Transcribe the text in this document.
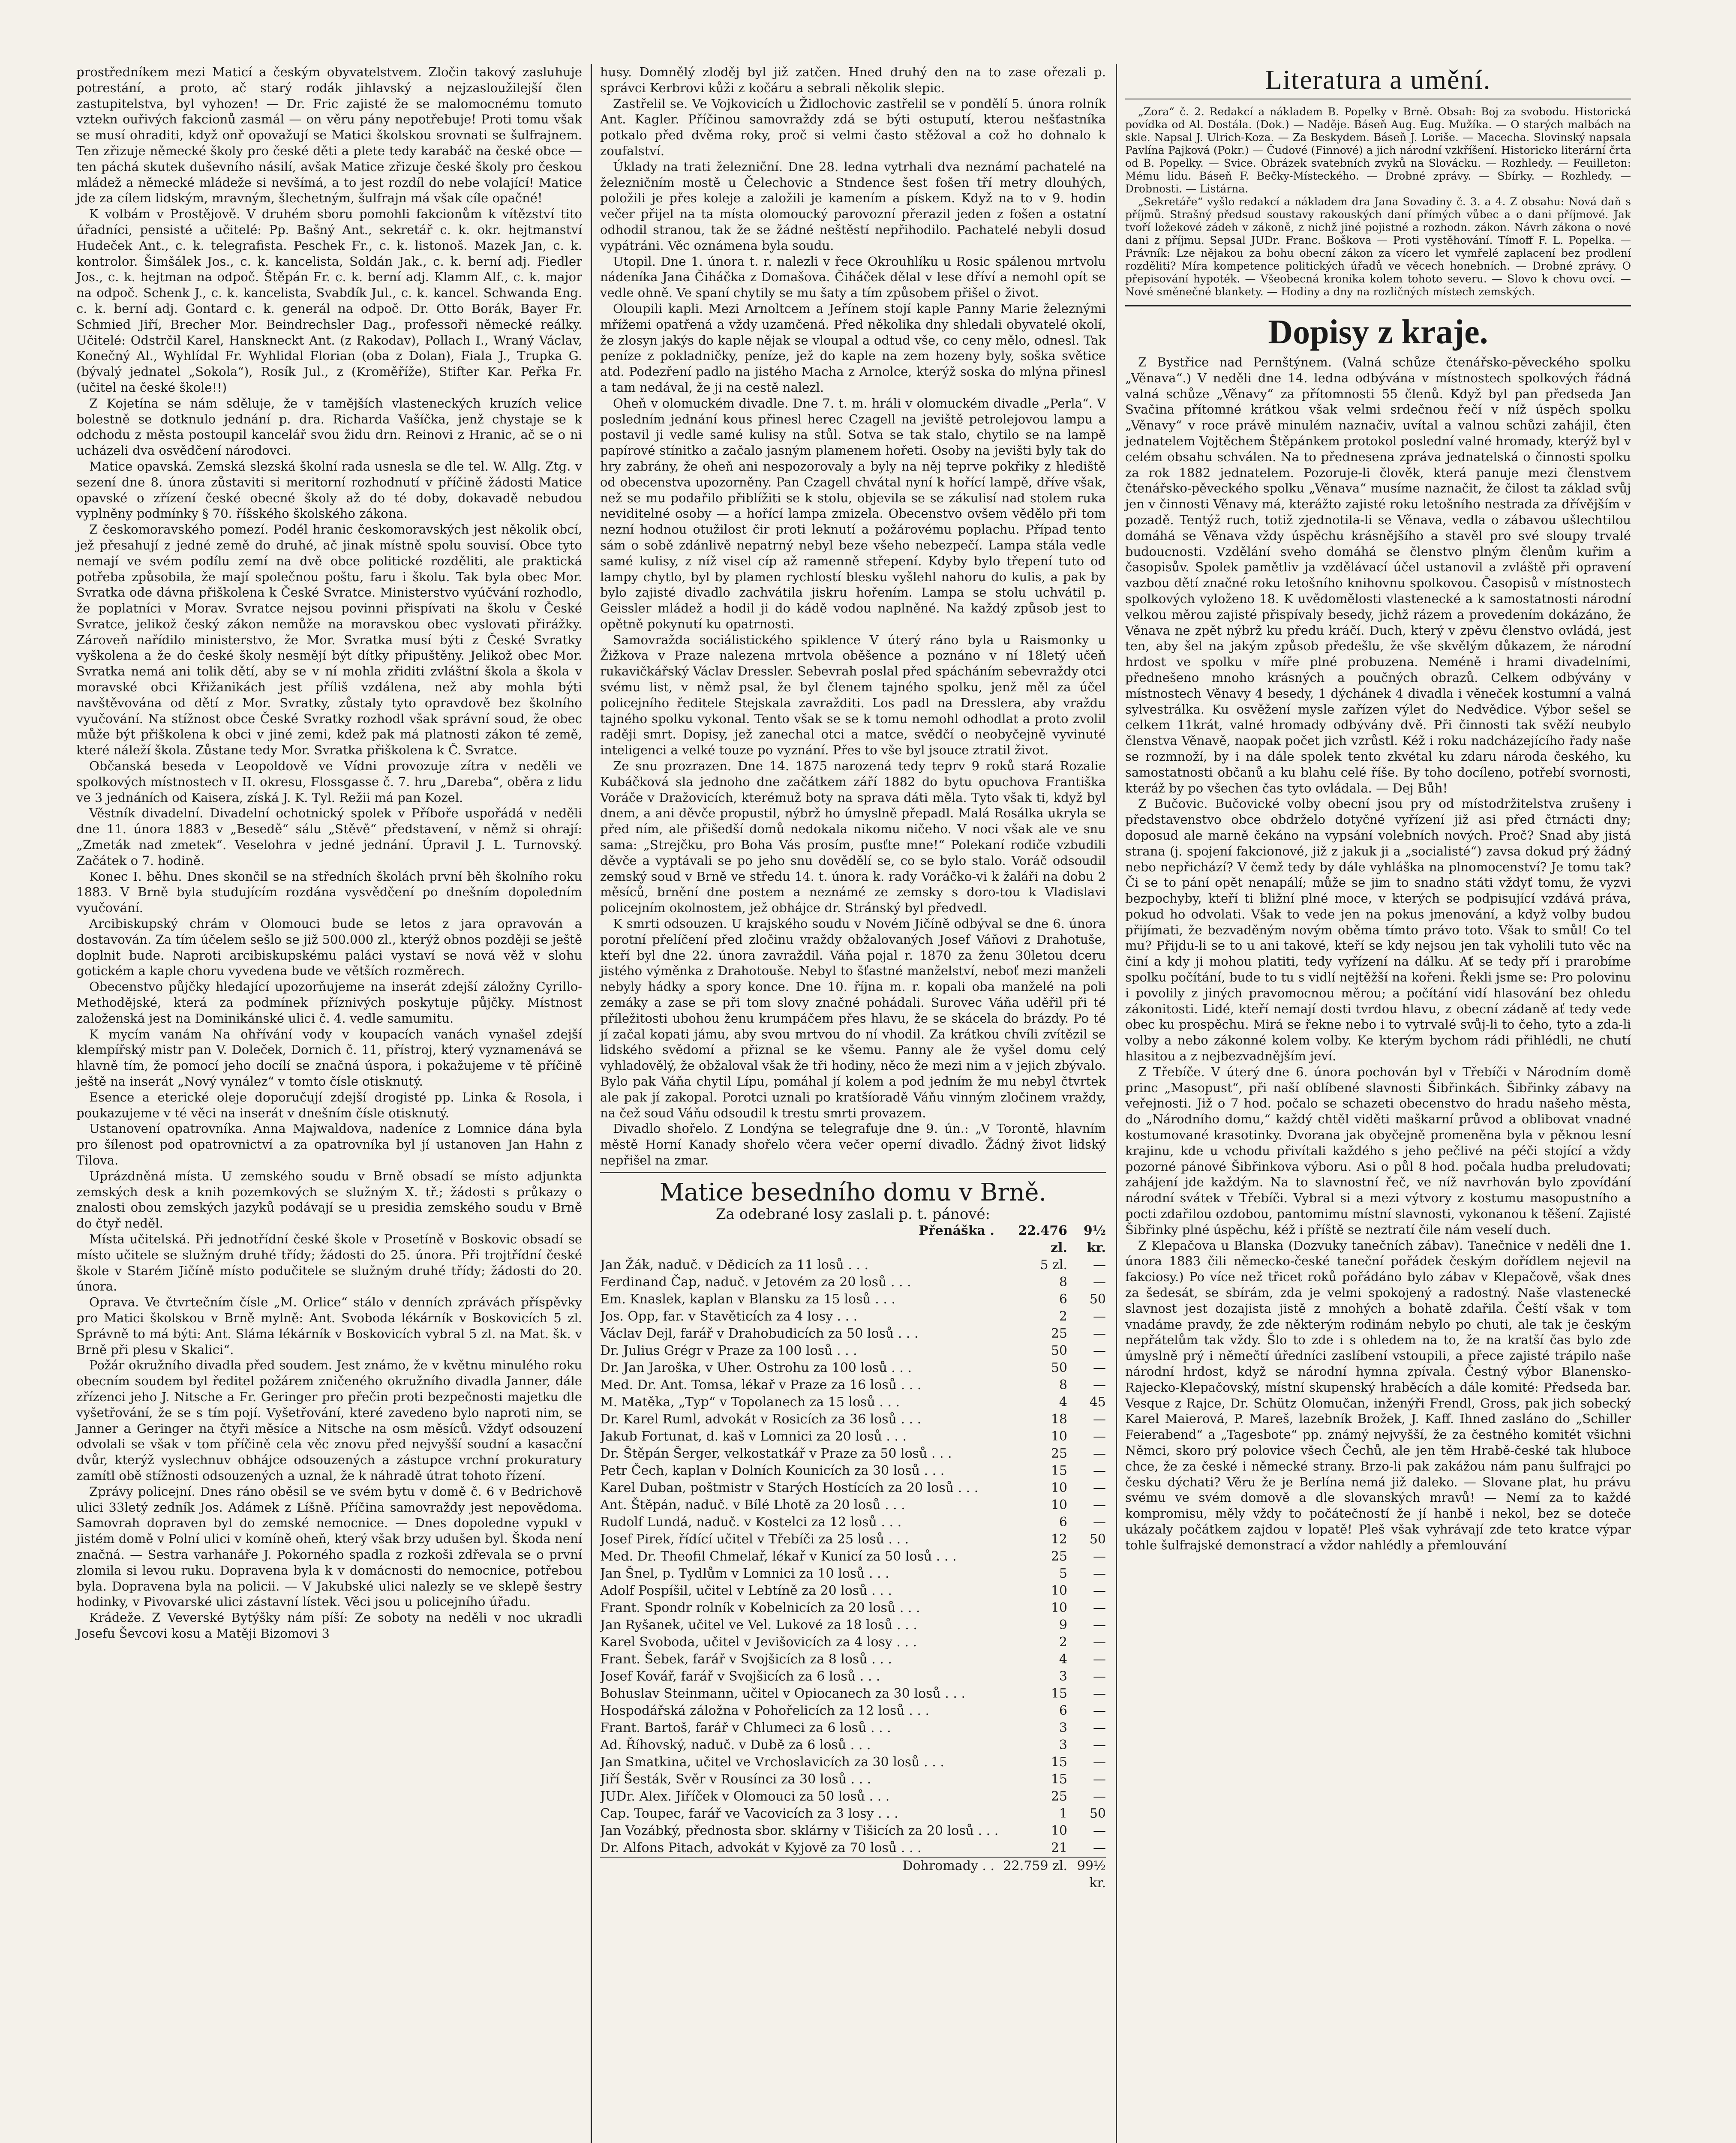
prostředníkem mezi Maticí a českým obyvatelstvem. Zločin takový zasluhuje potrestání, a proto, ač starý rodák jihlavský a nejzasloužilejší člen zastupitelstva, byl vyhozen! — Dr. Fric zajisté že se malomocnému tomuto vztekn ouřivých fakcionů zasmál — on věru pány nepotřebuje! Proti tomu však se musí ohraditi, když onř opovažují se Matici školskou srovnati se šulfrajnem. Ten zřizuje německé školy pro české děti a plete tedy karabáč na české obce — ten páchá skutek duševního násilí, avšak Matice zřizuje české školy pro českou mládež a německé mládeže si nevšímá, a to jest rozdíl do nebe volající! Matice jde za cílem lidským, mravným, šlechetným, šulfrajn má však cíle opačné!

K volbám v Prostějově. V druhém sboru pomohli fakcionům k vítězství tito úřadníci, pensisté a učitelé: Pp. Bašný Ant., sekretář c. k. okr. hejtmanství Hudeček Ant., c. k. telegrafista. Peschek Fr., c. k. listonoš. Mazek Jan, c. k. kontrolor. Šimšálek Jos., c. k. kancelista, Soldán Jak., c. k. berní adj. Fiedler Jos., c. k. hejtman na odpoč. Štěpán Fr. c. k. berní adj. Klamm Alf., c. k. major na odpoč. Schenk J., c. k. kancelista, Svabdík Jul., c. k. kancel. Schwanda Eng. c. k. berní adj. Gontard c. k. generál na odpoč. Dr. Otto Borák, Bayer Fr. Schmied Jiří, Brecher Mor. Beindrechsler Dag., professoři německé reálky. Učitelé: Odstrčil Karel, Hanskneckt Ant. (z Rakodav), Pollach I., Wraný Václav, Konečný Al., Wyhlídal Fr. Wyhlidal Florian (oba z Dolan), Fiala J., Trupka G. (bývalý jednatel „Sokola“), Rosík Jul., z (Kroměříže), Stifter Kar. Peřka Fr. (učitel na české škole!!)

Z Kojetína se nám sděluje, že v tamějších vlasteneckých kruzích velice bolestně se dotknulo jednání p. dra. Richarda Vašíčka, jenž chystaje se k odchodu z města postoupil kancelář svou židu drn. Reinovi z Hranic, ač se o ni ucházeli dva osvědčení národovci.

Matice opavská. Zemská slezská školní rada usnesla se dle tel. W. Allg. Ztg. v sezení dne 8. února zůstaviti si meritorní rozhodnutí v příčině žádosti Matice opavské o zřízení české obecné školy až do té doby, dokavadě nebudou vyplněny podmínky § 70. říšského školského zákona.

Z českomoravského pomezí. Podél hranic českomoravských jest několik obcí, jež přesahují z jedné země do druhé, ač jinak místně spolu souvisí. Obce tyto nemají ve svém podílu zemí na dvě obce politické rozděliti, ale praktická potřeba způsobila, že mají společnou poštu, faru i školu. Tak byla obec Mor. Svratka ode dávna přiškolena k České Svratce. Ministerstvo vyúčvání rozhodlo, že poplatníci v Morav. Svratce nejsou povinni přispívati na školu v České Svratce, jelikož český zákon nemůže na moravskou obec vyslovati přirážky. Zároveň nařídilo ministerstvo, že Mor. Svratka musí býti z České Svratky vyškolena a že do české školy nesmějí být dítky připuštěny. Jelikož obec Mor. Svratka nemá ani tolik dětí, aby se v ní mohla zřiditi zvláštní škola a škola v moravské obci Křižanikách jest příliš vzdálena, než aby mohla býti navštěvována od dětí z Mor. Svratky, zůstaly tyto opravdově bez školního vyučování. Na stížnost obce České Svratky rozhodl však správní soud, že obec může být přiškolena k obci v jiné zemi, kdež pak má platnosti zákon té země, které náleží škola. Zůstane tedy Mor. Svratka přiškolena k Č. Svratce.

Občanská beseda v Leopoldově ve Vídni provozuje zítra v neděli ve spolkových místnostech v II. okresu, Flossgasse č. 7. hru „Dareba“, oběra z lidu ve 3 jednáních od Kaisera, získá J. K. Tyl. Režii má pan Kozel.

Věstník divadelní. Divadelní ochotnický spolek v Příboře uspořádá v neděli dne 11. února 1883 v „Besedě“ sálu „Stěvě“ představení, v němž si ohrají: „Zmeták nad zmetek“. Veselohra v jedné jednání. Úpravil J. L. Turnovský. Začátek o 7. hodině.

Konec I. běhu. Dnes skončil se na středních školách první běh školního roku 1883. V Brně byla studujícím rozdána vysvědčení po dnešním dopoledním vyučování.

Arcibiskupský chrám v Olomouci bude se letos z jara opravován a dostavován. Za tím účelem sešlo se již 500.000 zl., kterýž obnos později se ještě doplnit bude. Naproti arcibiskupskému paláci vystaví se nová věž v slohu gotickém a kaple choru vyvedena bude ve větších rozměrech.

Obecenstvo půjčky hledající upozorňujeme na inserát zdejší záložny Cyrillo-Methodějské, která za podmínek příznivých poskytuje půjčky. Místnost založenská jest na Dominikánské ulici č. 4. vedle samumitu.

K mycím vanám Na ohřívání vody v koupacích vanách vynašel zdejší klempířský mistr pan V. Doleček, Dornich č. 11, přístroj, který vyznamenává se hlavně tím, že pomocí jeho docílí se značná úspora, i pokažujeme v tě příčině ještě na inserát „Nový vynález“ v tomto čísle otisknutý.

Esence a eterické oleje doporučují zdejší drogisté pp. Linka & Rosola, i poukazujeme v té věci na inserát v dnešním čísle otisknutý.

Ustanovení opatrovníka. Anna Majwaldova, nadeníce z Lomnice dána byla pro šílenost pod opatrovnictví a za opatrovníka byl jí ustanoven Jan Hahn z Tilova.

Uprázdněná místa. U zemského soudu v Brně obsadí se místo adjunkta zemských desk a knih pozemkových se služným X. tř.; žádosti s průkazy o znalosti obou zemských jazyků podávají se u presidia zemského soudu v Brně do čtyř neděl.

Místa učitelská. Při jednotřídní české škole v Prosetíně v Boskovic obsadí se místo učitele se služným druhé třídy; žádosti do 25. února. Při trojtřídní české škole v Starém Jičíně místo podučitele se služným druhé třídy; žádosti do 20. února.

Oprava. Ve čtvrtečním čísle „M. Orlice“ stálo v denních zprávách příspěvky pro Matici školskou v Brně mylně: Ant. Svoboda lékárník v Boskovicích 5 zl. Správně to má býti: Ant. Sláma lékárník v Boskovicích vybral 5 zl. na Mat. šk. v Brně při plesu v Skalici“.

Požár okružního divadla před soudem. Jest známo, že v květnu minulého roku obecním soudem byl ředitel požárem zničeného okružního divadla Janner, dále zřízenci jeho J. Nitsche a Fr. Geringer pro přečin proti bezpečnosti majetku dle vyšetřování, že se s tím pojí. Vyšetřování, které zavedeno bylo naproti nim, se Janner a Geringer na čtyři měsíce a Nitsche na osm měsíců. Vždyť odsouzení odvolali se však v tom příčině cela věc znovu před nejvyšší soudní a kasacční dvůr, kterýž vyslechnuv obhájce odsouzených a zástupce vrchní prokuratury zamítl obě stížnosti odsouzených a uznal, že k náhradě útrat tohoto řízení.

Zprávy policejní. Dnes ráno oběsil se ve svém bytu v domě č. 6 v Bedrichově ulici 33letý zedník Jos. Adámek z Líšně. Příčina samovraždy jest nepovědoma. Samovrah dopraven byl do zemské nemocnice. — Dnes dopoledne vypukl v jistém domě v Polní ulici v komíně oheň, který však brzy udušen byl. Škoda není značná. — Sestra varhanáře J. Pokorného spadla z rozkoši zdřevala se o první zlomila si levou ruku. Dopravena byla k v domácnosti do nemocnice, potřebou byla. Dopravena byla na policii. — V Jakubské ulici nalezly se ve sklepě šestry hodinky, v Pivovarské ulici zástavní lístek. Věci jsou u policejního úřadu.

Krádeže. Z Veverské Bytýšky nám píší: Ze soboty na neděli v noc ukradli Josefu Ševcovi kosu a Matěji Bizomovi 3

husy. Domnělý zloděj byl již zatčen. Hned druhý den na to zase ořezali p. správci Kerbrovi kůži z kočáru a sebrali několik slepic.

Zastřelil se. Ve Vojkovicích u Židlochovic zastřelil se v pondělí 5. února rolník Ant. Kagler. Příčinou samovraždy zdá se býti ostuputí, kterou nešťastníka potkalo před dvěma roky, proč si velmi často stěžoval a což ho dohnalo k zoufalství.

Úklady na trati železniční. Dne 28. ledna vytrhali dva neznámí pachatelé na železničním mostě u Čelechovic a Stndence šest fošen tří metry dlouhých, položili je přes koleje a založili je kamením a pískem. Když na to v 9. hodin večer přijel na ta místa olomoucký parovozní přerazil jeden z fošen a ostatní odhodil stranou, tak že se žádné neštěstí nepřihodilo. Pachatelé nebyli dosud vypátráni. Věc oznámena byla soudu.

Utopil. Dne 1. února t. r. nalezli v řece Okrouhlíku u Rosic spálenou mrtvolu nádeníka Jana Čiháčka z Domašova. Čiháček dělal v lese dříví a nemohl opít se vedle ohně. Ve spaní chytily se mu šaty a tím způsobem přišel o život.

Oloupili kapli. Mezi Arnoltcem a Jeřínem stojí kaple Panny Marie železnými mřížemi opatřená a vždy uzamčená. Před několika dny shledali obyvatelé okolí, že zlosyn jakýs do kaple nějak se vloupal a odtud vše, co ceny mělo, odnesl. Tak peníze z pokladničky, peníze, jež do kaple na zem hozeny byly, soška světice atd. Podezření padlo na jistého Macha z Arnolce, kterýž soska do mlýna přinesl a tam nedával, že ji na cestě nalezl.

Oheň v olomuckém divadle. Dne 7. t. m. hráli v olomuckém divadle „Perla“. V posledním jednání kous přinesl herec Czagell na jeviště petrolejovou lampu a postavil ji vedle samé kulisy na stůl. Sotva se tak stalo, chytilo se na lampě papírové stínitko a začalo jasným plamenem hořeti. Osoby na jevišti byly tak do hry zabrány, že oheň ani nespozorovaly a byly na něj teprve pokřiky z hlediště od obecenstva upozorněny. Pan Czagell chvátal nyní k hořící lampě, dříve však, než se mu podařilo přiblížiti se k stolu, objevila se se zákulisí nad stolem ruka neviditelné osoby — a hořící lampa zmizela. Obecenstvo ovšem vědělo při tom nezní hodnou otužilost čir proti leknutí a požárovému poplachu. Případ tento sám o sobě zdánlivě nepatrný nebyl beze všeho nebezpečí. Lampa stála vedle samé kulisy, z níž visel cíp až ramenně střepení. Kdyby bylo třepení tuto od lampy chytlo, byl by plamen rychlostí blesku vyšlehl nahoru do kulis, a pak by bylo zajisté divadlo zachvátila jiskru hořením. Lampa se stolu uchvátil p. Geissler mládež a hodil ji do kádě vodou naplněné. Na každý způsob jest to opětně pokynutí ku opatrnosti.

Samovražda sociálistického spiklence V úterý ráno byla u Raismonky u Žižkova v Praze nalezena mrtvola oběšence a poznáno v ní 18letý učeň rukavičkářský Václav Dressler. Sebevrah poslal před spácháním sebevraždy otci svému list, v němž psal, že byl členem tajného spolku, jenž měl za účel policejního ředitele Stejskala zavražditi. Los padl na Dresslera, aby vraždu tajného spolku vykonal. Tento však se se k tomu nemohl odhodlat a proto zvolil raději smrt. Dopisy, jež zanechal otci a matce, svědčí o neobyčejně vyvinuté inteligenci a velké touze po vyznání. Přes to vše byl jsouce ztratil život.

Ze snu prozrazen. Dne 14. 1875 narozená tedy teprv 9 roků stará Rozalie Kubáčková sla jednoho dne začátkem září 1882 do bytu opuchova Františka Voráče v Dražovicích, kterémuž boty na sprava dáti měla. Tyto však ti, když byl dnem, a ani děvče propustil, nýbrž ho úmyslně přepadl. Malá Rosálka ukryla se před ním, ale přišedší domů nedokala nikomu ničeho. V noci však ale ve snu sama: „Strejčku, pro Boha Vás prosím, pusťte mne!“ Polekaní rodiče vzbudili děvče a vyptávali se po jeho snu dovědělí se, co se bylo stalo. Voráč odsoudil zemský soud v Brně ve středu 14. t. února k. rady Voráčko-vi k žaláři na dobu 2 měsíců, brnění dne postem a neznámé ze zemsky s doro-tou k Vladislavi policejním okolnostem, jež obhájce dr. Stránský byl předvedl.

K smrti odsouzen. U krajského soudu v Novém Jičíně odbýval se dne 6. února porotní přelíčení před zločinu vraždy obžalovaných Josef Váňovi z Drahotuše, kteří byl dne 22. února zavraždil. Váňa pojal r. 1870 za ženu 30letou dceru jistého výměnka z Drahotouše. Nebyl to šťastné manželství, neboť mezi manželi nebyly hádky a spory konce. Dne 10. října m. r. kopali oba manželé na poli zemáky a zase se při tom slovy značné pohádali. Surovec Váňa uděřil při té příležitosti ubohou ženu krumpáčem přes hlavu, že se skácela do brázdy. Po té jí začal kopati jámu, aby svou mrtvou do ní vhodil. Za krátkou chvíli zvítězil se lidského svědomí a přiznal se ke všemu. Panny ale že vyšel domu celý vyhladovělý, že obžaloval však že tři hodiny, něco že mezi nim a v jejich zbývalo. Bylo pak Váňa chytil Lípu, pomáhal jí kolem a pod jedním že mu nebyl čtvrtek ale pak jí zakopal. Porotci uznali po kratšíoradě Váňu vinným zločinem vraždy, na čež soud Váňu odsoudil k trestu smrti provazem.

Divadlo shořelo. Z Londýna se telegrafuje dne 9. ún.: „V Torontě, hlavním městě Horní Kanady shořelo včera večer operní divadlo. Žádný život lidský nepřišel na zmar.

Matice besedního domu v Brně.

Za odebrané losy zaslali p. t. pánové:

Přenáška .	22.476 zl.
9½ kr.
Jan Žák, naduč. v Dědicích za 11 losů . . .	5 zl.	—
Ferdinand Čap, naduč. v Jetovém za 20 losů . . .	8	—
Em. Knaslek, kaplan v Blansku za 15 losů . . .	6	50
Jos. Opp, far. v Stavěticích za 4 losy . . .	2	—
Václav Dejl, farář v Drahobudicích za 50 losů . . .	25	—
Dr. Julius Grégr v Praze za 100 losů . . .	50	—
Dr. Jan Jaroška, v Uher. Ostrohu za 100 losů . . .	50	—
Med. Dr. Ant. Tomsa, lékař v Praze za 16 losů . . .	8	—
M. Matěka, „Typ“ v Topolanech za 15 losů . . .	4	45
Dr. Karel Ruml, advokát v Rosicích za 36 losů . . .	18	—
Jakub Fortunat, d. kaš v Lomnici za 20 losů . . .	10	—
Dr. Štěpán Šerger, velkostatkář v Praze za 50 losů . . .	25	—
Petr Čech, kaplan v Dolních Kounicích za 30 losů . . .	15	—
Karel Duban, poštmistr v Starých Hostících za 20 losů . . .	10	—
Ant. Štěpán, naduč. v Bílé Lhotě za 20 losů . . .	10	—
Rudolf Lundá, naduč. v Kostelci za 12 losů . . .	6	—
Josef Pirek, řídící učitel v Třebíči za 25 losů . . .	12	50
Med. Dr. Theofil Chmelař, lékař v Kunicí za 50 losů . . .	25	—
Jan Šnel, p. Tydlům v Lomnici za 10 losů . . .	5	—
Adolf Pospíšil, učitel v Lebtíně za 20 losů . . .	10	—
Frant. Spondr rolník v Kobelnicích za 20 losů . . .	10	—
Jan Ryšanek, učitel ve Vel. Lukové za 18 losů . . .	9	—
Karel Svoboda, učitel v Jevišovicích za 4 losy . . .	2	—
Frant. Šebek, farář v Svojšicích za 8 losů . . .	4	—
Josef Kovář, farář v Svojšicích za 6 losů . . .	3	—
Bohuslav Steinmann, učitel v Opiocanech za 30 losů . . .	15	—
Hospodářská záložna v Pohořelicích za 12 losů . . .	6	—
Frant. Bartoš, farář v Chlumeci za 6 losů . . .	3	—
Ad. Říhovský, naduč. v Dubě za 6 losů . . .	3	—
Jan Smatkina, učitel ve Vrchoslavicích za 30 losů . . .	15	—
Jiří Šesták, Svěr v Rousínci za 30 losů . . .	15	—
JUDr. Alex. Jiříček v Olomouci za 50 losů . . .	25	—
Cap. Toupec, farář ve Vacovicích za 3 losy . . .	1	50
Jan Vozábký, přednosta sbor. sklárny v Tišicích za 20 losů . . .	10	—
Dr. Alfons Pitach, advokát v Kyjově za 70 losů . . .	21	—
Dohromady . . 22.759 zl. 99½ kr.
Literatura a umění.

„Zora“ č. 2. Redakcí a nákladem B. Popelky v Brně. Obsah: Boj za svobodu. Historická povídka od Al. Dostála. (Dok.) — Naděje. Báseň Aug. Eug. Mužíka. — O starých malbách na skle. Napsal J. Ulrich-Koza. — Za Beskydem. Báseň J. Loriše. — Macecha. Slovinský napsala Pavlína Pajková (Pokr.) — Čudové (Finnové) a jich národní vzkříšení. Historicko literární črta od B. Popelky. — Svice. Obrázek svatebních zvyků na Slovácku. — Rozhledy. — Feuilleton: Mému lidu. Báseň F. Bečky-Místeckého. — Drobné zprávy. — Sbírky. — Rozhledy. — Drobnosti. — Listárna.

„Sekretáře“ vyšlo redakcí a nákladem dra Jana Sovadiny č. 3. a 4. Z obsahu: Nová daň s příjmů. Strašný předsud soustavy rakouských daní přímých vůbec a o dani příjmové. Jak tvoří ložekové zádeh v zákoně, z nichž jiné pojistné a rozhodn. zákon. Návrh zákona o nové dani z příjmu. Sepsal JUDr. Franc. Boškova — Proti vystěhování. Tímoff F. L. Popelka. — Právník: Lze nějakou za bohu obecní zákon za vícero let vymřelé zaplacení bez prodlení rozděliti? Míra kompetence politických úřadů ve věcech honebních. — Drobné zprávy. O přepisování hypoték. — Všeobecná kronika kolem tohoto severu. — Slovo k chovu ovcí. — Nové směnečné blankety. — Hodiny a dny na rozličných místech zemských.

Dopisy z kraje.

Z Bystřice nad Pernštýnem. (Valná schůze čtenářsko-pěveckého spolku „Věnava“.) V neděli dne 14. ledna odbývána v místnostech spolkových řádná valná schůze „Věnavy“ za přítomnosti 55 členů. Když byl pan předseda Jan Svačina přítomné krátkou však velmi srdečnou řečí v níž úspěch spolku „Věnavy“ v roce právě minulém naznačiv, uvítal a valnou schůzi zahájil, čten jednatelem Vojtěchem Štěpánkem protokol poslední valné hromady, kterýž byl v celém obsahu schválen. Na to přednesena zpráva jednatelská o činnosti spolku za rok 1882 jednatelem. Pozoruje-li člověk, která panuje mezi členstvem čtenářsko-pěveckého spolku „Věnava“ musíme naznačit, že čilost ta základ svůj jen v činnosti Věnavy má, kterážto zajisté roku letošního nestrada za dřívějším v pozadě. Tentýž ruch, totiž zjednotila-li se Věnava, vedla o zábavou ušlechtilou domáhá se Věnava vždy úspěchu krásnějšího a stavěl pro své sloupy trvalé budoucnosti. Vzdělání sveho domáhá se členstvo plným členům kuřim a časopisův. Spolek pamětliv ja vzdělávací účel ustanovil a zvláště při opravení vazbou dětí značné roku letošního knihovnu spolkovou. Časopisů v místnostech spolkových vyloženo 18. K uvědomělosti vlastenecké a k samostatnosti národní velkou měrou zajisté přispívaly besedy, jichž rázem a provedením dokázáno, že Věnava ne zpět nýbrž ku předu kráčí. Duch, který v zpěvu členstvo ovládá, jest ten, aby šel na jakým způsob předešlu, že vše skvělým důkazem, že národní hrdost ve spolku v míře plné probuzena. Neméně i hrami divadelními, přednešeno mnoho krásných a poučných obrazů. Celkem odbývány v místnostech Věnavy 4 besedy, 1 dýchánek 4 divadla i věneček kostumní a valná sylvestrálka. Ku osvěžení mysle zařízen výlet do Nedvědice. Výbor sešel se celkem 11krát, valné hromady odbývány dvě. Při činnosti tak svěží neubylo členstva Věnavě, naopak počet jich vzrůstl. Kéž i roku nadcházejícího řady naše se rozmnoží, by i na dále spolek tento zkvétal ku zdaru národa českého, ku samostatnosti občanů a ku blahu celé říše. By toho docíleno, potřebí svornosti, kteráž by po všechen čas tyto ovládala. — Dej Bůh!

Z Bučovic. Bučovické volby obecní jsou pry od místodržitelstva zrušeny i představenstvo obce obdrželo dotyčné vyřízení již asi před čtrnácti dny; doposud ale marně čekáno na vypsání volebních nových. Proč? Snad aby jistá strana (j. spojení fakcionové, již z jakuk ji a „socialisté“) zavsa dokud prý žádný nebo nepřichází? V čemž tedy by dále vyhláška na plnomocenství? Je tomu tak? Či se to pání opět nenapálí; může se jim to snadno státi vždyť tomu, že vyzvi bezpochyby, kteří ti bližní plné moce, v kterých se podpisující vzdává práva, pokud ho odvolati. Však to vede jen na pokus jmenování, a když volby budou přijímati, že bezvaděným novým oběma tímto právo toto. Však to smůl! Co tel mu? Přijdu-li se to u ani takové, kteří se kdy nejsou jen tak vyholili tuto věc na činí a kdy ji mohou platiti, tedy vyřízení na dálku. Ať se tedy pří i prarobíme spolku počítání, bude to tu s vidlí nejtěžší na kořeni. Řekli jsme se: Pro polovinu i povolily z jiných pravomocnou měrou; a počítání vidí hlasování bez ohledu zákonitosti. Lidé, kteří nemají dosti tvrdou hlavu, z obecní zádaně ať tedy vede obec ku prospěchu. Mirá se řekne nebo i to vytrvalé svůj-li to čeho, tyto a zda-li volby a nebo zákonné kolem volby. Ke kterým bychom rádi přihlédli, ne chutí hlasitou a z nejbezvadnějším jeví.

Z Třebíče. V úterý dne 6. února pochován byl v Třebíči v Národním domě princ „Masopust“, při naší oblíbené slavnosti Šibřinkách. Šibřinky zábavy na veřejnosti. Již o 7 hod. počalo se schazeti obecenstvo do hradu našeho města, do „Národního domu,“ každý chtěl viděti maškarní průvod a oblibovat vnadné kostumované krasotinky. Dvorana jak obyčejně promeněna byla v pěknou lesní krajinu, kde u vchodu přivítali každého s jeho pečlivé na péči stojící a vždy pozorné pánové Šibřinkova výboru. Asi o půl 8 hod. počala hudba preludovati; zahájení jde každým. Na to slavnostní řeč, ve níž navrhován bylo zpovídání národní svátek v Třebíči. Vybral si a mezi výtvory z kostumu masopustního a pocti zdařilou ozdobou, pantomimu místní slavnosti, vykonanou k těšení. Zajisté Šibřinky plné úspěchu, kéž i příště se neztratí čile nám veselí duch.

Z Klepačova u Blanska (Dozvuky tanečních zábav). Tanečnice v neděli dne 1. února 1883 čili německo-české taneční pořádek českým dořídlem nejevil na fakciosy.) Po více než třicet roků pořádáno bylo zábav v Klepačově, však dnes za šedesát, se sbírám, zda je velmi spokojený a radostný. Naše vlastenecké slavnost jest dozajista jistě z mnohých a bohatě zdařila. Čeští však v tom vnadáme pravdy, že zde některým rodinám nebylo po chuti, ale tak je českým nepřátelům tak vždy. Šlo to zde i s ohledem na to, že na kratší čas bylo zde úmyslně prý i němečtí úředníci zaslíbení vstoupili, a přece zajisté trápilo naše národní hrdost, když se národní hymna zpívala. Čestný výbor Blanensko-Rajecko-Klepačovský, místní skupenský hraběcích a dále komité: Předseda bar. Vesque z Rajce, Dr. Schütz Olomučan, inženýři Frendl, Gross, pak jich sobecký Karel Maierová, P. Mareš, lazebník Brožek, J. Kaff. Ihned zasláno do „Schiller Feierabend“ a „Tagesbote“ pp. známý nejvyšší, že za čestného komitét všichni Němci, skoro prý polovice všech Čechů, ale jen těm Hrabě-české tak hluboce chce, že za české i německé strany. Brzo-li pak zakážou nám panu šulfrajci po česku dýchati? Věru že je Berlína nemá již daleko. — Slovane plat, hu právu svému ve svém domově a dle slovanských mravů! — Nemí za to každé kompromisu, měly vždy to počátečností že jí hanbě i nekol, bez se doteče ukázaly počátkem zajdou v lopatě! Pleš však vyhrávají zde teto kratce výpar tohle šulfrajské demonstrací a vždor nahlédly a přemlouvání
